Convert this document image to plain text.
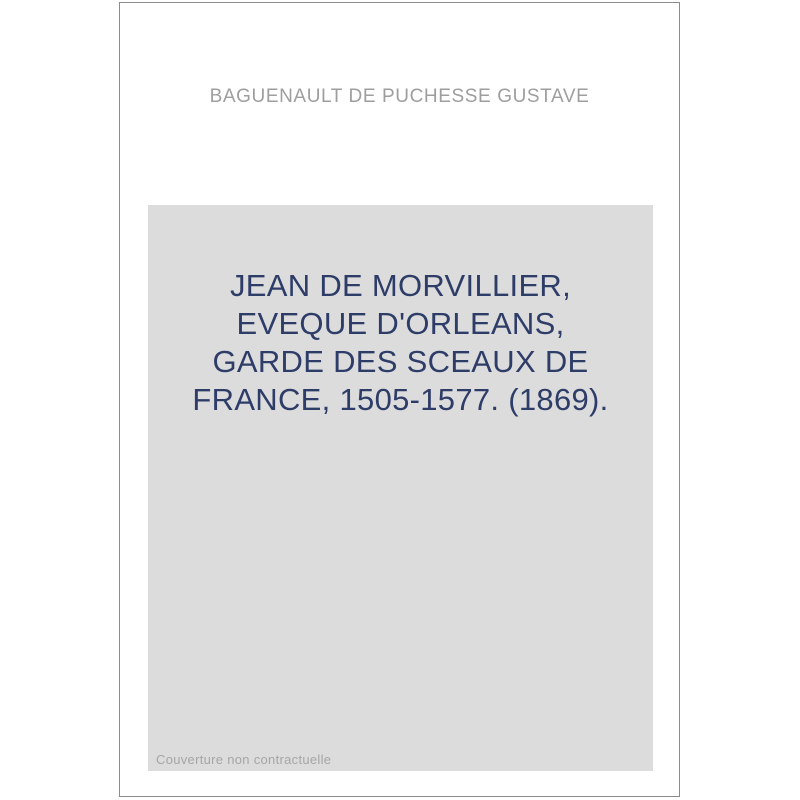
BAGUENAULT DE PUCHESSE GUSTAVE
JEAN DE MORVILLIER,
EVEQUE D'ORLEANS,
GARDE DES SCEAUX DE
FRANCE, 1505-1577. (1869).
Couverture non contractuelle
